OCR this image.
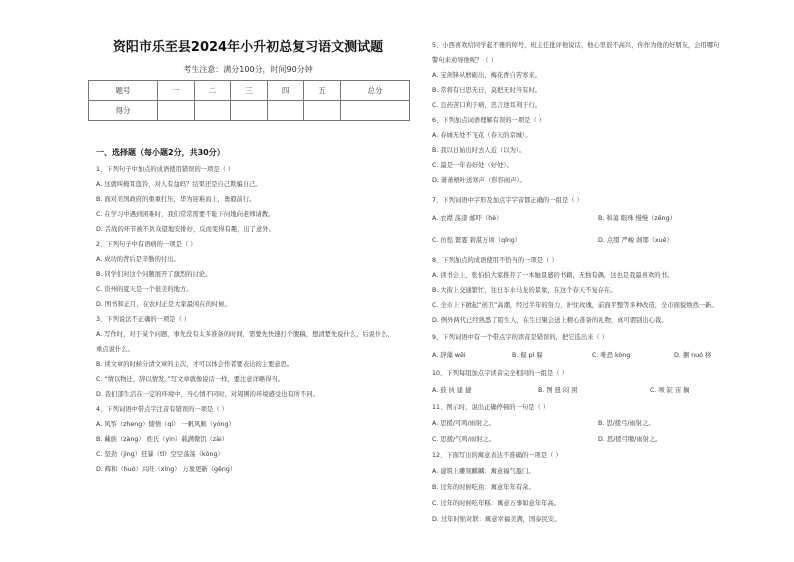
资阳市乐至县2024年小升初总复习语文测试题
考生注意：满分100分，时间90分钟
题号	一	二	三	四	五	总分
得分						
一、选择题（每小题2分，共30分）
1、下列句子中加点的成语使用错误的一项是（ ）
A. 这就叫掩耳盗铃，对人有益吗？结果还是自己欺骗自己。
B. 面对美国政府的重重打压，华为迎难而上，勇毅前行。
C. 在学习中遇到困难时，我们常常需要不耻下问地向老师请教。
D. 舌战的环节被不负众望地安排好，反而变得有趣，出了意外。
2、下列句子中有语病的一项是（ ）
A. 成功的背后是辛勤的付出。
B. 同学们对这个问题展开了激烈的讨论。
C. 资州的夏天是一个很美的地方。
D. 图书和正月，在农村正是大家最闲在的时候。
3、下列说法不正确的一项是（ ）
A. 写作时，对于某个问题，事先没有太多准备的时间，需要先快速打个腹稿，想清楚先说什么，后说什么，
重点说什么。
B. 读文章的时候分清文章的主次，才可以体会作者要表达的主要意思。
C. “情以物迁，辞以情发。”写文章就像说话一样，要注意详略得当。
D. 我们部生活在一定的环境中，当心情不同时，对周围的环境感受也有所不同。
4、下列词语中带点字注音有错误的一项是（ ）
A. 风筝（zheng）懦惰（qí） 一帆风顺（yóng）
B. 藏族（zàng） 姓氏（yìn）载满微饥（zài）
C. 坚劲（jìng）狂暴（tǐ）空空荡荡（kōng）
D. 辉和（huò）兴旺（xīng） 万象更新（gēng）
5、小西喜欢给同学起不雅的绰号，班主任批评他说话，他心里很不高兴，你作为他的好朋友，会用哪句
警句来劝导他呢？（ ）
A. 宝剑锋从磨砺出，梅花香自苦寒来。
B. 常将有日思无日，莫把无时当有时。
C. 良药苦口利于病，忠言逆耳利于行。
6、下列加点词语理解有误的一项是（ ）
A. 春城无处不飞花（春天的京城）。
B. 我以日始出时去人近（以为）。
C. 最是一年春好处（好处）。
D. 萧萧梧叶送寒声（形容雨声）。
7、下列词语中字形及加点字字音都正确的一组是（ ）
A. 衣襟 荡漾 邮吓（hè）	B. 和蔼 眼珠 慢慢（zēng）
C. 彷徨 繁霎 碧湛万顷（qǐng）	D. 点缀 严峻 刹那（xuē）
8、下列加点的成语使用不恰当的一项是（ ）
A. 读书会上，张伯伯大家推荐了一本触景感的书籍，无独有偶，这也是我最喜欢的书。
B. 大街上交通繁忙，往日车水马龙的景象，在这个春天不复存在。
C. 全市上下掀起“创卫”高潮，经过半年的努力，护住玫瑰，前面平整等多种改造，全市面貌焕然一新。
D. 例外两代已经熟悉了陌生人，在生日聚会送上精心准备的礼物，真可谓别出心裁。
9、下列词语中有一个带点字的读音是错误的，把它选出来（ ）
A. 辞藻 wěi	B. 倔 pì 躲	C. 唯恐 kòng	D. 捆 nuó 移
10、下列每组加点字读音完全相同的一组是（ ）
A. 鼓 执 建 捷	B. 图 扭 闷 困	C. 呗 缸 宙 搁
11、图示时，说出正确停顿的一句是（ ）
A. 思援/可鸣/雨射之。	B. 思/援弓/雨射之。
C. 思援/气鸣/雨射之。	D. 思/援弓缴/雨射之。
12、下面写出的寓意表达不准确的一项是（ ）
A. 建筑上雕刻麒麟：寓意福气盈门。
B. 过年的时候吃鱼：寓意年年有余。
C. 过年的时候吃年糕：寓意万事如意年年高。
D. 过年时贴对联：寓意幸福美满，国泰民安。
